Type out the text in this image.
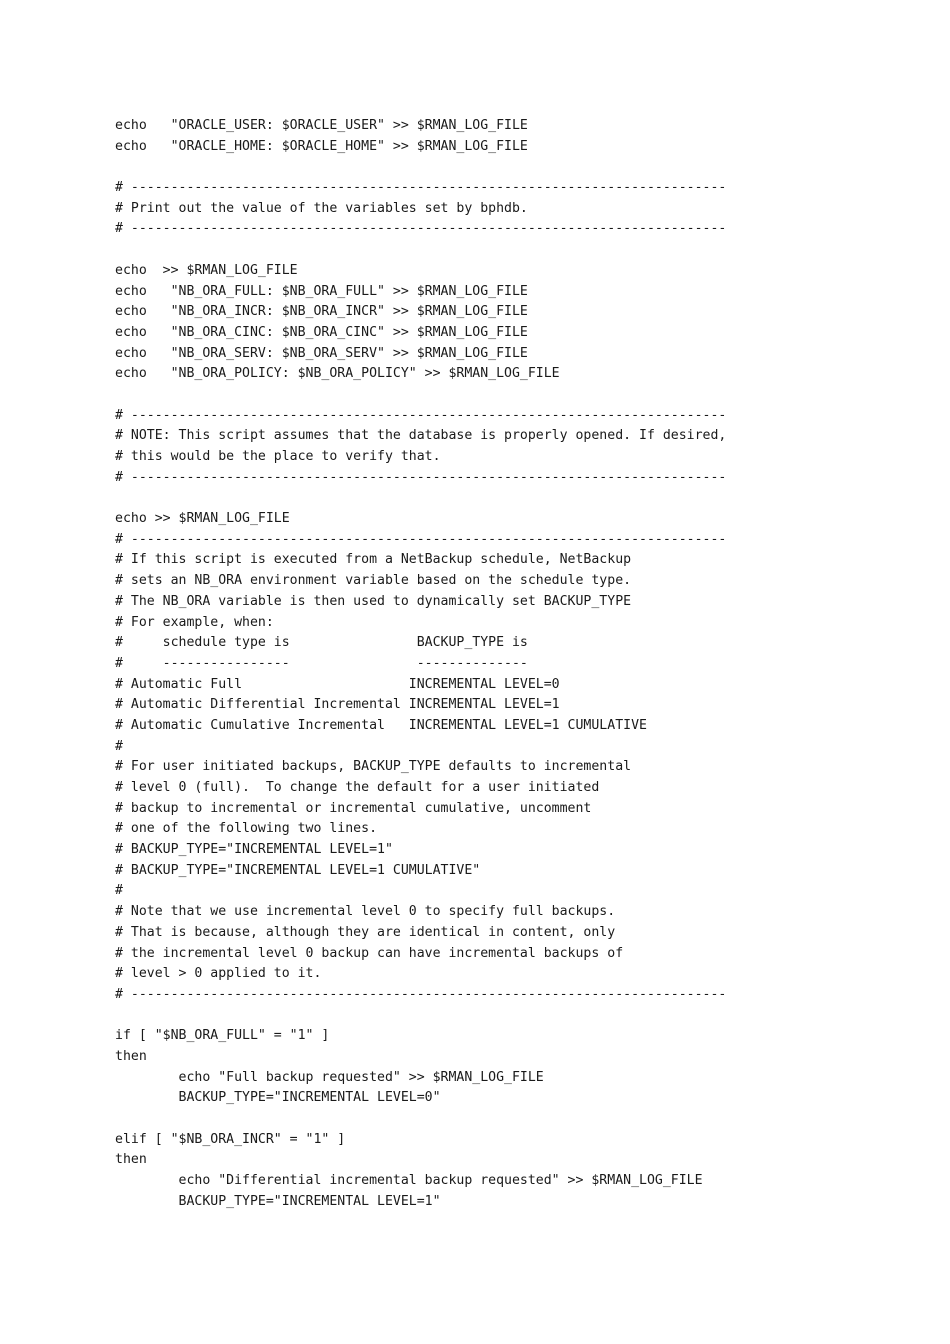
echo   "ORACLE_USER: $ORACLE_USER" >> $RMAN_LOG_FILE
echo   "ORACLE_HOME: $ORACLE_HOME" >> $RMAN_LOG_FILE
# ---------------------------------------------------------------------------
# Print out the value of the variables set by bphdb.
# ---------------------------------------------------------------------------
echo  >> $RMAN_LOG_FILE
echo   "NB_ORA_FULL: $NB_ORA_FULL" >> $RMAN_LOG_FILE
echo   "NB_ORA_INCR: $NB_ORA_INCR" >> $RMAN_LOG_FILE
echo   "NB_ORA_CINC: $NB_ORA_CINC" >> $RMAN_LOG_FILE
echo   "NB_ORA_SERV: $NB_ORA_SERV" >> $RMAN_LOG_FILE
echo   "NB_ORA_POLICY: $NB_ORA_POLICY" >> $RMAN_LOG_FILE
# ---------------------------------------------------------------------------
# NOTE: This script assumes that the database is properly opened. If desired,
# this would be the place to verify that.
# ---------------------------------------------------------------------------
echo >> $RMAN_LOG_FILE
# ---------------------------------------------------------------------------
# If this script is executed from a NetBackup schedule, NetBackup
# sets an NB_ORA environment variable based on the schedule type.
# The NB_ORA variable is then used to dynamically set BACKUP_TYPE
# For example, when:
#     schedule type is                BACKUP_TYPE is
#     ----------------                --------------
# Automatic Full                     INCREMENTAL LEVEL=0
# Automatic Differential Incremental INCREMENTAL LEVEL=1
# Automatic Cumulative Incremental   INCREMENTAL LEVEL=1 CUMULATIVE
#
# For user initiated backups, BACKUP_TYPE defaults to incremental
# level 0 (full).  To change the default for a user initiated
# backup to incremental or incremental cumulative, uncomment
# one of the following two lines.
# BACKUP_TYPE="INCREMENTAL LEVEL=1"
# BACKUP_TYPE="INCREMENTAL LEVEL=1 CUMULATIVE"
#
# Note that we use incremental level 0 to specify full backups.
# That is because, although they are identical in content, only
# the incremental level 0 backup can have incremental backups of
# level > 0 applied to it.
# ---------------------------------------------------------------------------
if [ "$NB_ORA_FULL" = "1" ]
then
echo "Full backup requested" >> $RMAN_LOG_FILE
BACKUP_TYPE="INCREMENTAL LEVEL=0"
elif [ "$NB_ORA_INCR" = "1" ]
then
echo "Differential incremental backup requested" >> $RMAN_LOG_FILE
BACKUP_TYPE="INCREMENTAL LEVEL=1"
